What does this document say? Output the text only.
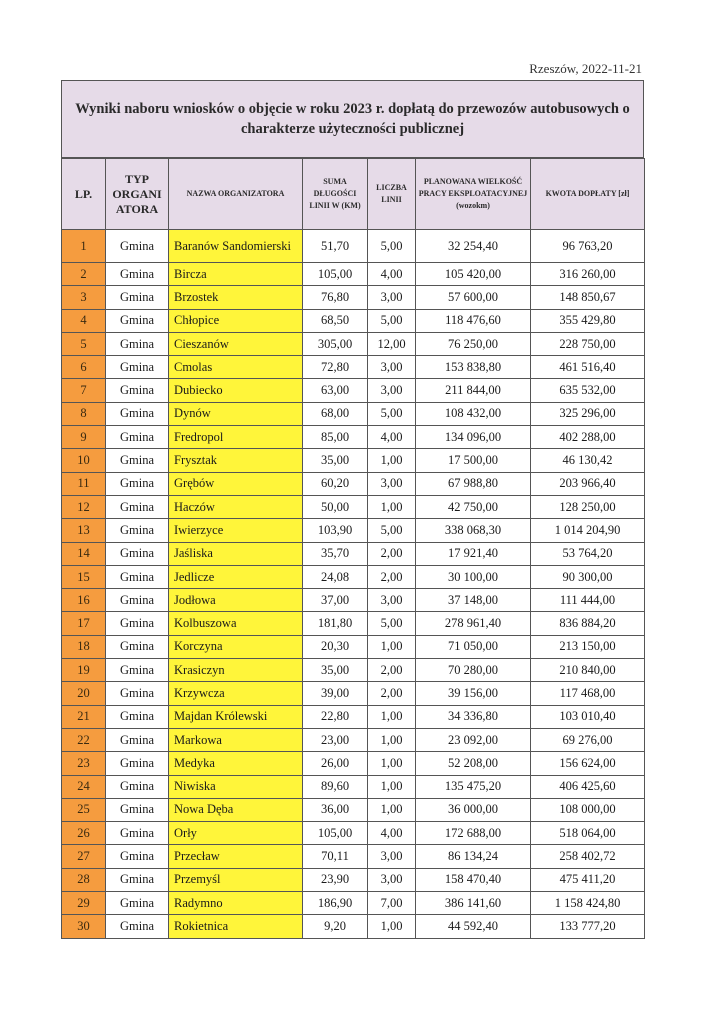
Rzeszów, 2022-11-21
Wyniki naboru wniosków o objęcie w roku 2023 r. dopłatą do przewozów autobusowych o charakterze użyteczności publicznej
LP.	TYP ORGANI ATORA	NAZWA ORGANIZATORA	SUMA DŁUGOŚCI LINII W (KM)	LICZBA LINII	PLANOWANA WIELKOŚĆ PRACY EKSPLOATACYJNEJ (wozokm)	KWOTA DOPŁATY [zł]
1	Gmina	Baranów Sandomierski	51,70	5,00	32 254,40	96 763,20
2	Gmina	Bircza	105,00	4,00	105 420,00	316 260,00
3	Gmina	Brzostek	76,80	3,00	57 600,00	148 850,67
4	Gmina	Chłopice	68,50	5,00	118 476,60	355 429,80
5	Gmina	Cieszanów	305,00	12,00	76 250,00	228 750,00
6	Gmina	Cmolas	72,80	3,00	153 838,80	461 516,40
7	Gmina	Dubiecko	63,00	3,00	211 844,00	635 532,00
8	Gmina	Dynów	68,00	5,00	108 432,00	325 296,00
9	Gmina	Fredropol	85,00	4,00	134 096,00	402 288,00
10	Gmina	Frysztak	35,00	1,00	17 500,00	46 130,42
11	Gmina	Grębów	60,20	3,00	67 988,80	203 966,40
12	Gmina	Haczów	50,00	1,00	42 750,00	128 250,00
13	Gmina	Iwierzyce	103,90	5,00	338 068,30	1 014 204,90
14	Gmina	Jaśliska	35,70	2,00	17 921,40	53 764,20
15	Gmina	Jedlicze	24,08	2,00	30 100,00	90 300,00
16	Gmina	Jodłowa	37,00	3,00	37 148,00	111 444,00
17	Gmina	Kolbuszowa	181,80	5,00	278 961,40	836 884,20
18	Gmina	Korczyna	20,30	1,00	71 050,00	213 150,00
19	Gmina	Krasiczyn	35,00	2,00	70 280,00	210 840,00
20	Gmina	Krzywcza	39,00	2,00	39 156,00	117 468,00
21	Gmina	Majdan Królewski	22,80	1,00	34 336,80	103 010,40
22	Gmina	Markowa	23,00	1,00	23 092,00	69 276,00
23	Gmina	Medyka	26,00	1,00	52 208,00	156 624,00
24	Gmina	Niwiska	89,60	1,00	135 475,20	406 425,60
25	Gmina	Nowa Dęba	36,00	1,00	36 000,00	108 000,00
26	Gmina	Orły	105,00	4,00	172 688,00	518 064,00
27	Gmina	Przecław	70,11	3,00	86 134,24	258 402,72
28	Gmina	Przemyśl	23,90	3,00	158 470,40	475 411,20
29	Gmina	Radymno	186,90	7,00	386 141,60	1 158 424,80
30	Gmina	Rokietnica	9,20	1,00	44 592,40	133 777,20
